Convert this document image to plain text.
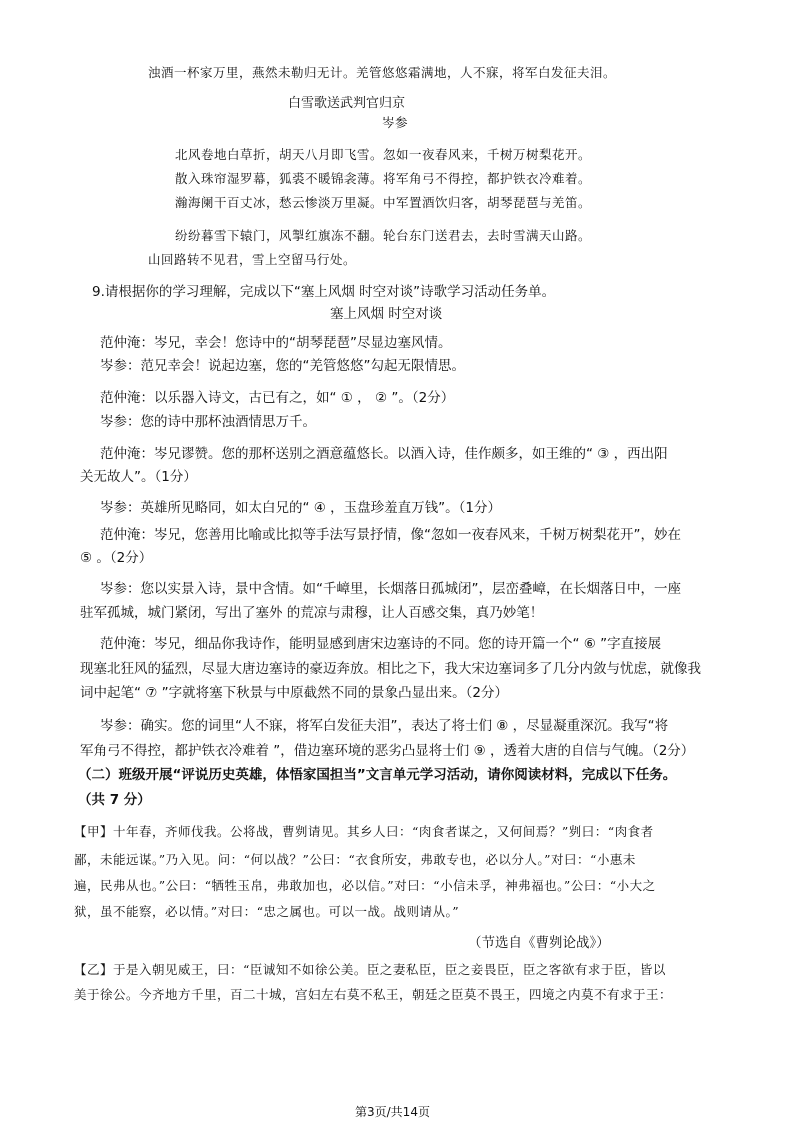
浊酒一杯家万里，燕然未勒归无计。羌管悠悠霜满地，人不寐，将军白发征夫泪。
白雪歌送武判官归京
岑参
北风卷地白草折，胡天八月即飞雪。忽如一夜春风来，千树万树梨花开。
散入珠帘湿罗幕，狐裘不暖锦衾薄。将军角弓不得控，都护铁衣冷难着。
瀚海阑干百丈冰，愁云惨淡万里凝。中军置酒饮归客，胡琴琵琶与羌笛。
纷纷暮雪下辕门，风掣红旗冻不翻。轮台东门送君去，去时雪满天山路。
山回路转不见君，雪上空留马行处。
9.请根据你的学习理解，完成以下“塞上风烟 时空对谈”诗歌学习活动任务单。
塞上风烟 时空对谈
范仲淹：岑兄，幸会！您诗中的“胡琴琵琶”尽显边塞风情。
岑参：范兄幸会！说起边塞，您的“羌管悠悠”勾起无限情思。
范仲淹：以乐器入诗文，古已有之，如“ ① ， ② ”。（2分）
岑参：您的诗中那杯浊酒情思万千。
范仲淹：岑兄谬赞。您的那杯送别之酒意蕴悠长。以酒入诗，佳作颇多，如王维的“ ③ ，西出阳
关无故人”。（1分）
岑参：英雄所见略同，如太白兄的“ ④ ，玉盘珍羞直万钱”。（1分）
范仲淹：岑兄，您善用比喻或比拟等手法写景抒情，像“忽如一夜春风来，千树万树梨花开”，妙在
⑤ 。（2分）
岑参：您以实景入诗，景中含情。如“千嶂里，长烟落日孤城闭”，层峦叠嶂，在长烟落日中，一座
驻军孤城，城门紧闭，写出了塞外 的荒凉与肃穆，让人百感交集，真乃妙笔！
范仲淹：岑兄，细品你我诗作，能明显感到唐宋边塞诗的不同。您的诗开篇一个“ ⑥ ”字直接展
现塞北狂风的猛烈，尽显大唐边塞诗的豪迈奔放。相比之下，我大宋边塞词多了几分内敛与忧虑，就像我
词中起笔“ ⑦ ”字就将塞下秋景与中原截然不同的景象凸显出来。（2分）
岑参：确实。您的词里“人不寐，将军白发征夫泪”，表达了将士们 ⑧ ，尽显凝重深沉。我写“将
军角弓不得控，都护铁衣冷难着 ”，借边塞环境的恶劣凸显将士们 ⑨ ，透着大唐的自信与气魄。（2分）
（二）班级开展“评说历史英雄，体悟家国担当”文言单元学习活动，请你阅读材料，完成以下任务。
（共 7 分）
【甲】十年春，齐师伐我。公将战，曹刿请见。其乡人曰：“肉食者谋之，又何间焉？”刿曰：“肉食者
鄙，未能远谋。”乃入见。问：“何以战？”公曰：“衣食所安，弗敢专也，必以分人。”对曰：“小惠未
遍，民弗从也。”公曰：“牺牲玉帛，弗敢加也，必以信。”对曰：“小信未孚，神弗福也。”公曰：“小大之
狱，虽不能察，必以情。”对曰：“忠之属也。可以一战。战则请从。”
（节选自《曹刿论战》）
【乙】于是入朝见威王，曰：“臣诚知不如徐公美。臣之妻私臣，臣之妾畏臣，臣之客欲有求于臣，皆以
美于徐公。今齐地方千里，百二十城，宫妇左右莫不私王，朝廷之臣莫不畏王，四境之内莫不有求于王：
第3页/共14页
